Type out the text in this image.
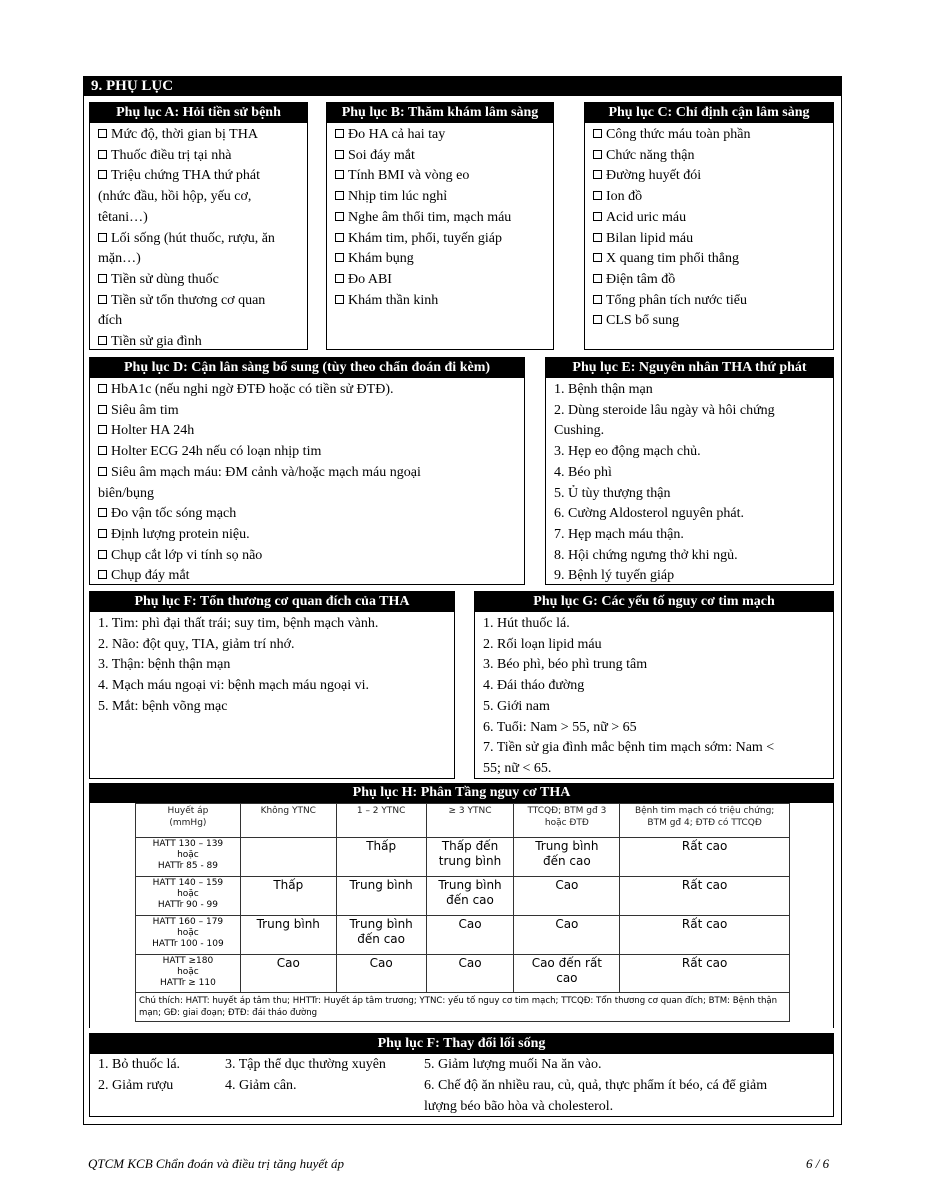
9. PHỤ LỤC
Phụ lục A: Hỏi tiền sử bệnh
Mức độ, thời gian bị THA
Thuốc điều trị tại nhà
Triệu chứng THA thứ phát
(nhức đầu, hồi hộp, yếu cơ,
têtani…)
Lối sống (hút thuốc, rượu, ăn
mặn…)
Tiền sử dùng thuốc
Tiền sử tổn thương cơ quan
đích
Tiền sử gia đình
Phụ lục B: Thăm khám lâm sàng
Đo HA cả hai tay
Soi đáy mắt
Tính BMI và vòng eo
Nhịp tim lúc nghỉ
Nghe âm thổi tim, mạch máu
Khám tim, phổi, tuyến giáp
Khám bụng
Đo ABI
Khám thần kinh
Phụ lục C: Chỉ định cận lâm sàng
Công thức máu toàn phần
Chức năng thận
Đường huyết đói
Ion đồ
Acid uric máu
Bilan lipid máu
X quang tim phổi thẳng
Điện tâm đồ
Tổng phân tích nước tiểu
CLS bổ sung
Phụ lục D: Cận lân sàng bổ sung (tùy theo chẩn đoán đi kèm)
HbA1c (nếu nghi ngờ ĐTĐ hoặc có tiền sử ĐTĐ).
Siêu âm tim
Holter HA 24h
Holter ECG 24h nếu có loạn nhịp tim
Siêu âm mạch máu: ĐM cảnh và/hoặc mạch máu ngoại
biên/bụng
Đo vận tốc sóng mạch
Định lượng protein niệu.
Chụp cắt lớp vi tính sọ não
Chụp đáy mắt
Phụ lục E: Nguyên nhân THA thứ phát
1. Bệnh thận mạn
2. Dùng steroide lâu ngày và hôi chứng
Cushing.
3. Hẹp eo động mạch chủ.
4. Béo phì
5. Ủ tùy thượng thận
6. Cường Aldosterol nguyên phát.
7. Hẹp mạch máu thận.
8. Hội chứng ngưng thở khi ngủ.
9. Bệnh lý tuyến giáp
Phụ lục F: Tổn thương cơ quan đích của THA
1. Tim: phì đại thất trái; suy tim, bệnh mạch vành.
2. Não: đột quỵ, TIA, giảm trí nhớ.
3. Thận: bệnh thận mạn
4. Mạch máu ngoại vi: bệnh mạch máu ngoại vi.
5. Mắt: bệnh võng mạc
Phụ lục G: Các yếu tố nguy cơ tim mạch
1. Hút thuốc lá.
2. Rối loạn lipid máu
3. Béo phì, béo phì trung tâm
4. Đái tháo đường
5. Giới nam
6. Tuổi: Nam > 55, nữ > 65
7. Tiền sử gia đình mắc bệnh tim mạch sớm: Nam <
55; nữ < 65.
Phụ lục H: Phân Tầng nguy cơ THA
Huyết áp
(mmHg)	Không YTNC	1 – 2 YTNC	≥ 3 YTNC	TTCQĐ; BTM gđ 3
hoặc ĐTĐ	Bệnh tim mạch có triệu chứng;
BTM gđ 4; ĐTĐ có TTCQĐ
HATT 130 – 139
hoặc
HATTr 85 - 89		Thấp	Thấp đến
trung bình	Trung bình
đến cao	Rất cao
HATT 140 – 159
hoặc
HATTr 90 - 99	Thấp	Trung bình	Trung bình
đến cao	Cao	Rất cao
HATT 160 – 179
hoặc
HATTr 100 - 109	Trung bình	Trung bình
đến cao	Cao	Cao	Rất cao
HATT ≥180
hoặc
HATTr ≥ 110	Cao	Cao	Cao	Cao đến rất
cao	Rất cao
Chú thích: HATT: huyết áp tâm thu; HHTTr: Huyết áp tâm trương; YTNC: yếu tố nguy cơ tim mạch; TTCQĐ: Tổn thương cơ quan đích; BTM: Bệnh thận mạn; GĐ: giai đoạn; ĐTĐ: đái tháo đường					
Phụ lục F: Thay đổi lối sống
1. Bỏ thuốc lá.
2. Giảm rượu
3. Tập thể dục thường xuyên
4. Giảm cân.
5. Giảm lượng muối Na ăn vào.
6. Chế độ ăn nhiều rau, củ, quả, thực phẩm ít béo, cá để giảm
lượng béo bão hòa và cholesterol.
QTCM KCB Chẩn đoán và điều trị tăng huyết áp	6 / 6
